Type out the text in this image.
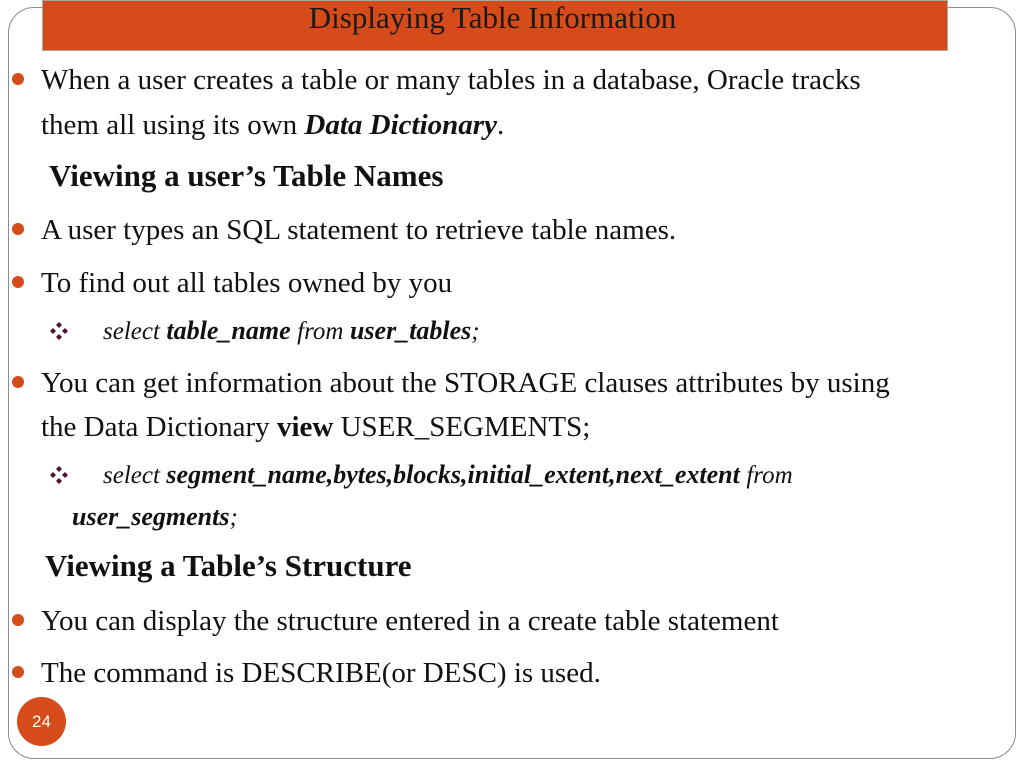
Displaying Table Information
When a user creates a table or many tables in a database, Oracle tracks
them all using its own Data Dictionary.
Viewing a user’s Table Names
A user types an SQL statement to retrieve table names.
To find out all tables owned by you
select table_name from user_tables;
You can get information about the STORAGE clauses attributes by using
the Data Dictionary view USER_SEGMENTS;
select segment_name,bytes,blocks,initial_extent,next_extent from
user_segments;
Viewing a Table’s Structure
You can display the structure entered in a create table statement
The command is DESCRIBE(or DESC) is used.
24
